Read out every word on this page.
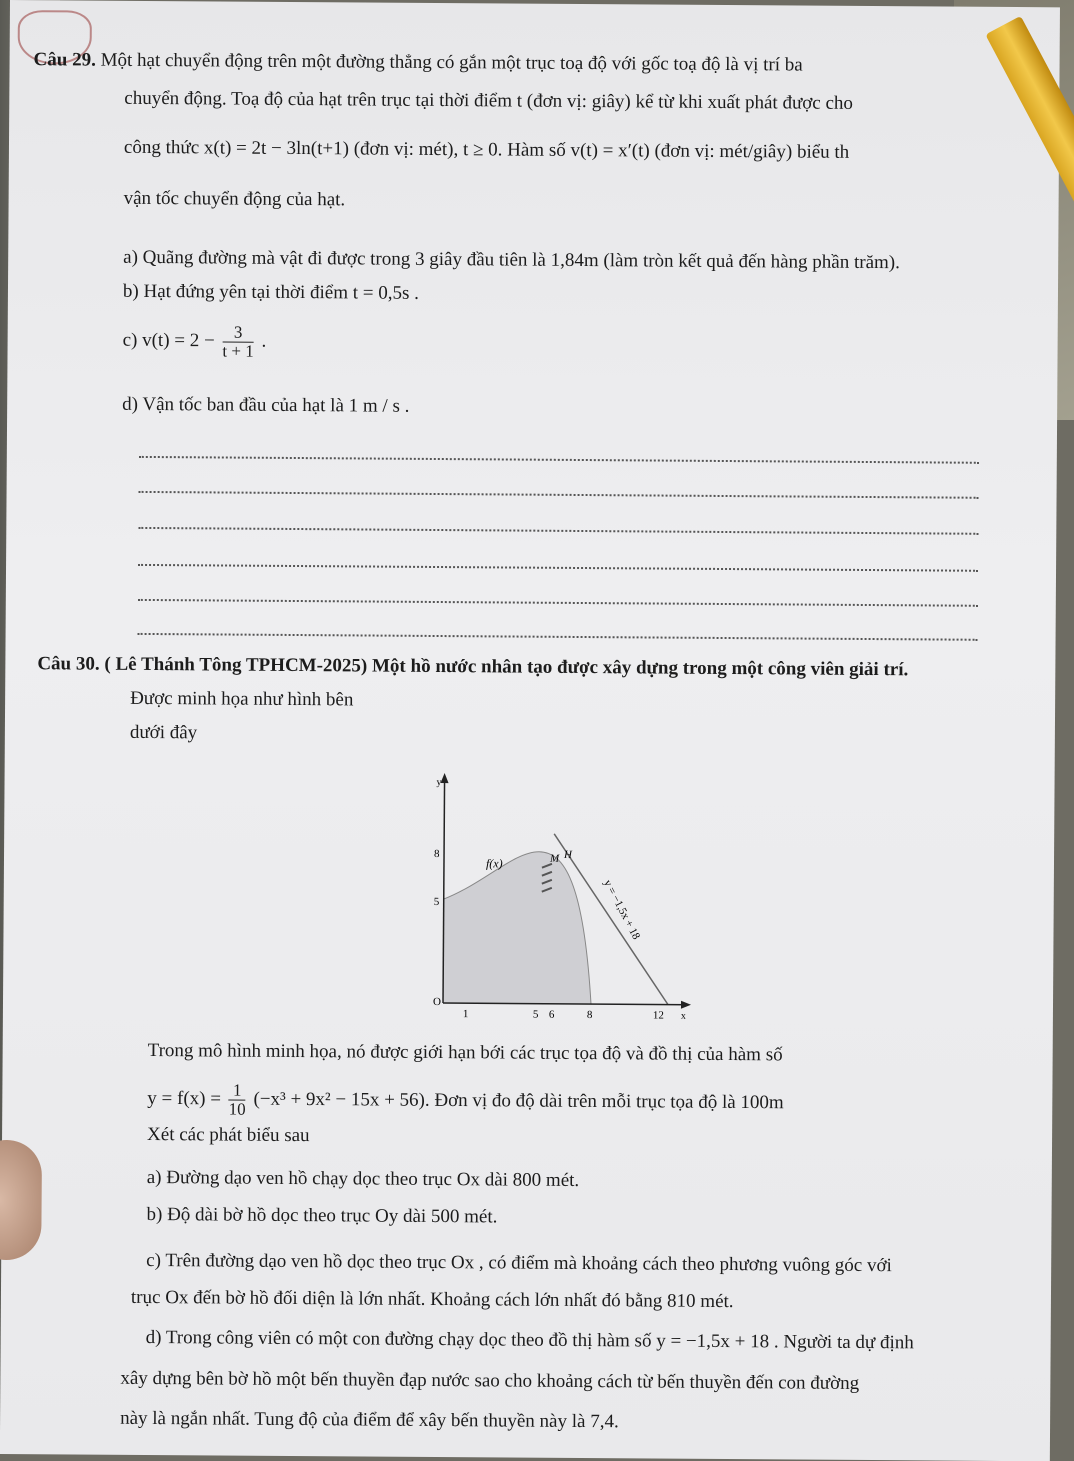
Câu 29. Một hạt chuyển động trên một đường thẳng có gắn một trục toạ độ với gốc toạ độ là vị trí ba
chuyển động. Toạ độ của hạt trên trục tại thời điểm t (đơn vị: giây) kể từ khi xuất phát được cho
công thức x(t) = 2t − 3ln(t+1) (đơn vị: mét), t ≥ 0. Hàm số v(t) = x′(t) (đơn vị: mét/giây) biểu th
vận tốc chuyển động của hạt.
a) Quãng đường mà vật đi được trong 3 giây đầu tiên là 1,84m (làm tròn kết quả đến hàng phần trăm).
b) Hạt đứng yên tại thời điểm t = 0,5s .
c) $v(t) = 2 - \frac{3}{t + 1}$ .
d) Vận tốc ban đầu của hạt là 1 m / s .
Câu 30. ( Lê Thánh Tông TPHCM-2025) Một hồ nước nhân tạo được xây dựng trong một công viên giải trí.
Được minh họa như hình bên
dưới đây
8
5
y
O
1	5 6	8	12 x
f(x)	M H
y = −1,5x + 18
Trong mô hình minh họa, nó được giới hạn bới các trục tọa độ và đồ thị của hàm số
$y = f(x) = \frac{1}{10} (-x^3 + 9x^2 - 15x + 56)$. Đơn vị đo độ dài trên mỗi trục tọa độ là 100m
Xét các phát biểu sau
a) Đường dạo ven hồ chạy dọc theo trục Ox dài 800 mét.
b) Độ dài bờ hồ dọc theo trục Oy dài 500 mét.
c) Trên đường dạo ven hồ dọc theo trục Ox , có điểm mà khoảng cách theo phương vuông góc với
trục Ox đến bờ hồ đối diện là lớn nhất. Khoảng cách lớn nhất đó bằng 810 mét.
d) Trong công viên có một con đường chạy dọc theo đồ thị hàm số y = −1,5x + 18 . Người ta dự định
xây dựng bên bờ hồ một bến thuyền đạp nước sao cho khoảng cách từ bến thuyền đến con đường
này là ngắn nhất. Tung độ của điểm để xây bến thuyền này là 7,4.
